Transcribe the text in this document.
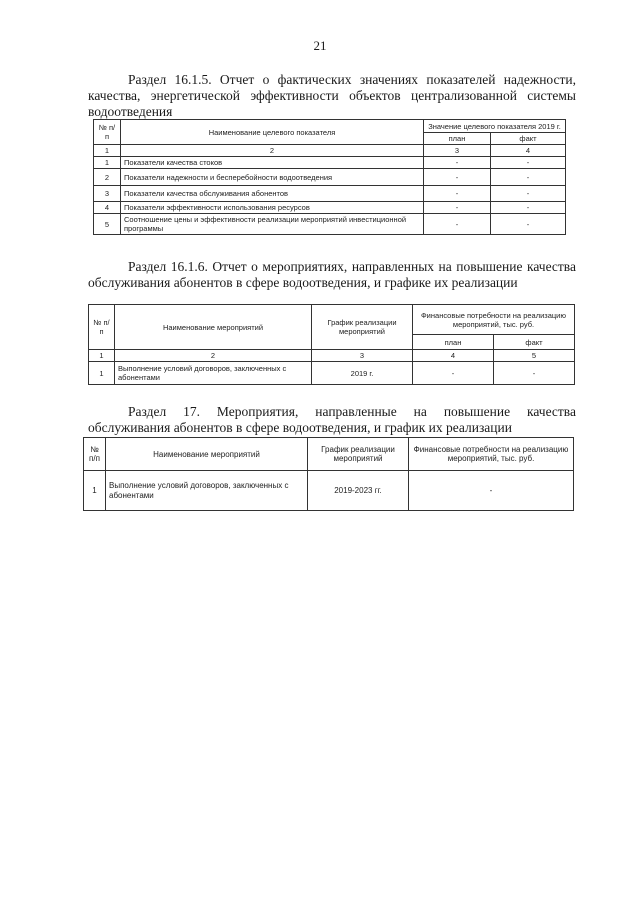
21
Раздел 16.1.5. Отчет о фактических значениях показателей надежности, качества, энергетической эффективности объектов централизованной системы водоотведения
№ п/п	Наименование целевого показателя	Значение целевого показателя 2019 г.	
		план	факт
1	2	3	4
1	Показатели качества стоков	-	-
2	Показатели надежности и бесперебойности водоотведения	-	-
3	Показатели качества обслуживания абонентов	-	-
4	Показатели эффективности использования ресурсов	-	-
5	Соотношение цены и эффективности реализации мероприятий инвестиционной программы	-	-
Раздел 16.1.6. Отчет о мероприятиях, направленных на повышение качества обслуживания абонентов в сфере водоотведения, и графике их реализации
№ п/п	Наименование мероприятий	График реализации мероприятий	Финансовые потребности на реализацию мероприятий, тыс. руб.	
			план	факт
1	2	3	4	5
1	Выполнение условий договоров, заключенных с абонентами	2019 г.	-	-
Раздел 17. Мероприятия, направленные на повышение качества обслуживания абонентов в сфере водоотведения, и график их реализации
№ п/п	Наименование мероприятий	График реализации мероприятий	Финансовые потребности на реализацию мероприятий, тыс. руб.
1	Выполнение условий договоров, заключенных с абонентами	2019-2023 гг.	-
